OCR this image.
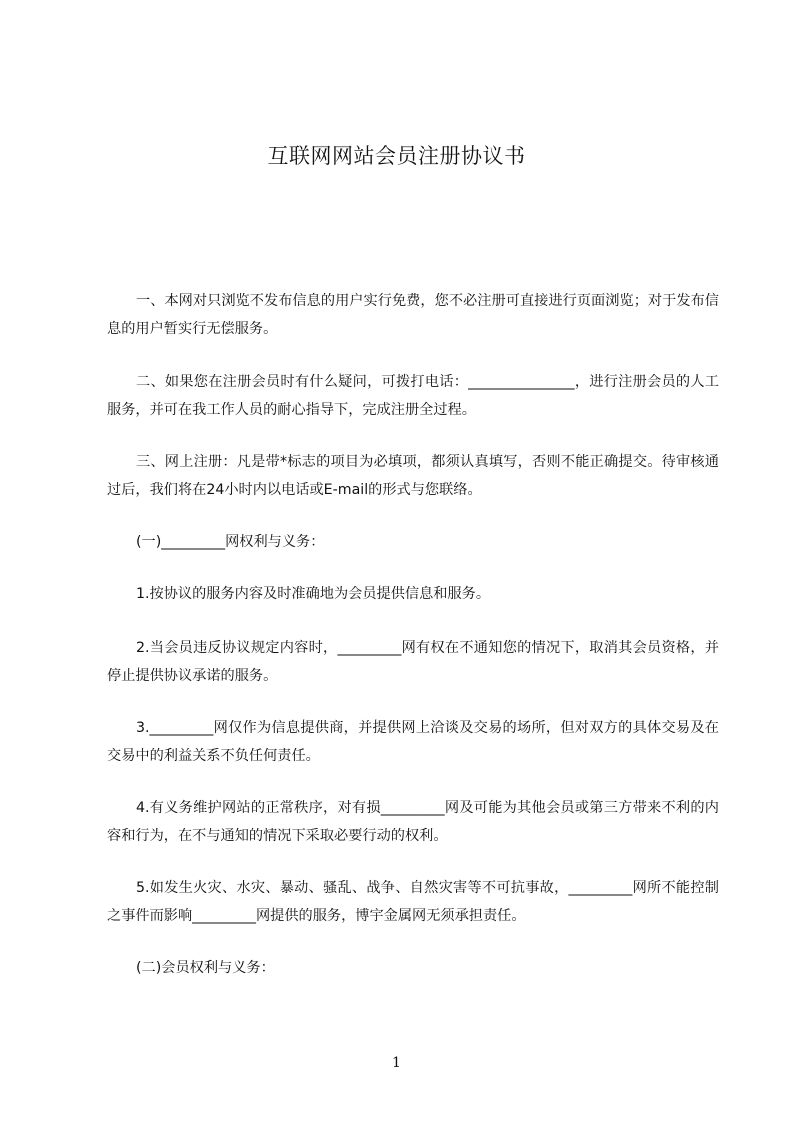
互联网网站会员注册协议书

一、本网对只浏览不发布信息的用户实行免费，您不必注册可直接进行页面浏览；对于发布信息的用户暂实行无偿服务。

二、如果您在注册会员时有什么疑问，可拨打电话：_______________，进行注册会员的人工服务，并可在我工作人员的耐心指导下，完成注册全过程。

三、网上注册：凡是带*标志的项目为必填项，都须认真填写，否则不能正确提交。待审核通过后，我们将在24小时内以电话或E-mail的形式与您联络。

(一)_________网权利与义务：

1.按协议的服务内容及时准确地为会员提供信息和服务。

2.当会员违反协议规定内容时，_________网有权在不通知您的情况下，取消其会员资格，并停止提供协议承诺的服务。

3._________网仅作为信息提供商，并提供网上洽谈及交易的场所，但对双方的具体交易及在交易中的利益关系不负任何责任。

4.有义务维护网站的正常秩序，对有损_________网及可能为其他会员或第三方带来不利的内容和行为，在不与通知的情况下采取必要行动的权利。

5.如发生火灾、水灾、暴动、骚乱、战争、自然灾害等不可抗事故，_________网所不能控制之事件而影响_________网提供的服务，博宇金属网无须承担责任。

(二)会员权利与义务：

1
